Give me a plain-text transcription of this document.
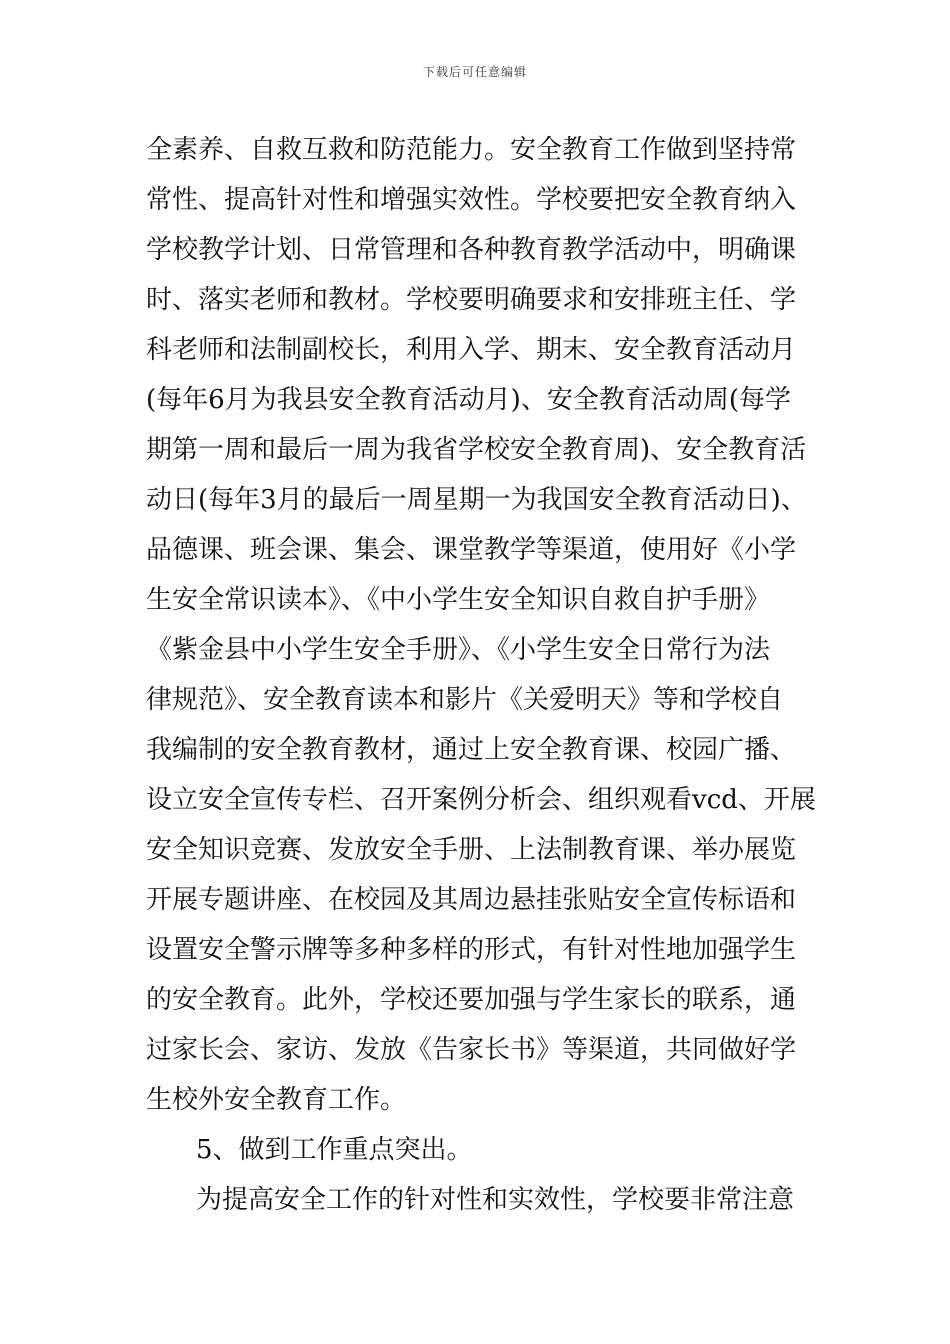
下载后可任意编辑
全素养、自救互救和防范能力。安全教育工作做到坚持常
常性、提高针对性和增强实效性。学校要把安全教育纳入
学校教学计划、日常管理和各种教育教学活动中，明确课
时、落实老师和教材。学校要明确要求和安排班主任、学
科老师和法制副校长，利用入学、期末、安全教育活动月
(每年6月为我县安全教育活动月)、安全教育活动周(每学
期第一周和最后一周为我省学校安全教育周)、安全教育活
动日(每年3月的最后一周星期一为我国安全教育活动日)、
品德课、班会课、集会、课堂教学等渠道，使用好《小学
生安全常识读本》、《中小学生安全知识自救自护手册》
《紫金县中小学生安全手册》、《小学生安全日常行为法
律规范》、安全教育读本和影片《关爱明天》等和学校自
我编制的安全教育教材，通过上安全教育课、校园广播、
设立安全宣传专栏、召开案例分析会、组织观看vcd、开展
安全知识竞赛、发放安全手册、上法制教育课、举办展览
开展专题讲座、在校园及其周边悬挂张贴安全宣传标语和
设置安全警示牌等多种多样的形式，有针对性地加强学生
的安全教育。此外，学校还要加强与学生家长的联系，通
过家长会、家访、发放《告家长书》等渠道，共同做好学
生校外安全教育工作。
5、做到工作重点突出。
为提高安全工作的针对性和实效性，学校要非常注意
